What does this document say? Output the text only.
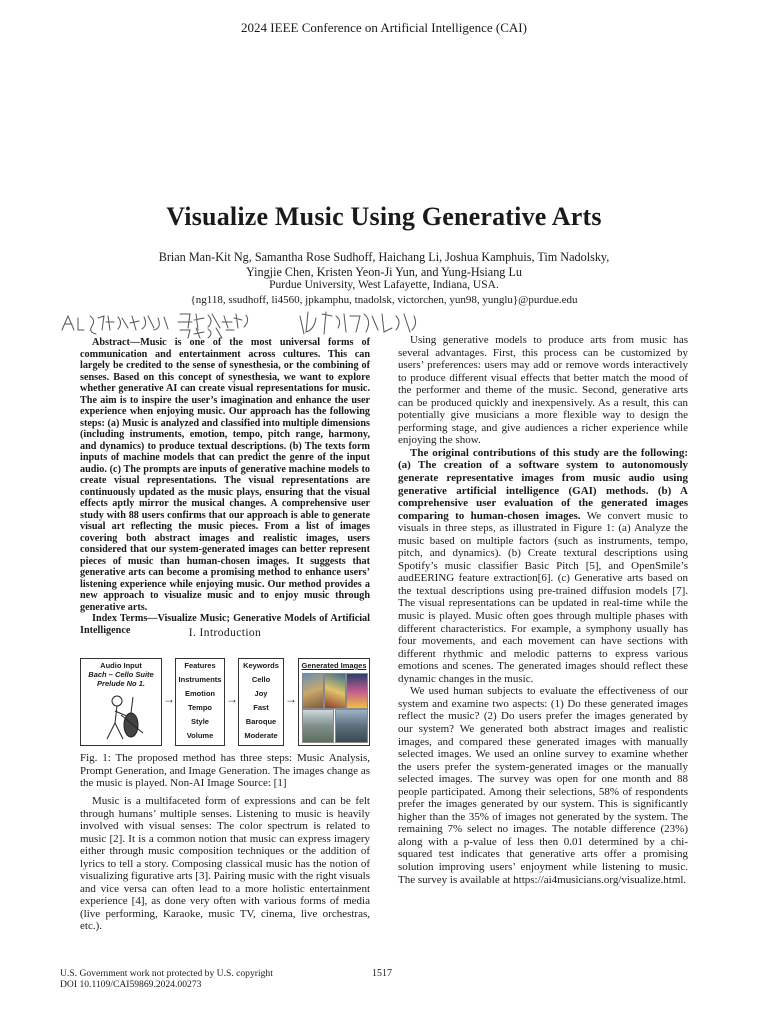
2024 IEEE Conference on Artificial Intelligence (CAI)
Visualize Music Using Generative Arts
Brian Man-Kit Ng, Samantha Rose Sudhoff, Haichang Li, Joshua Kamphuis, Tim Nadolsky,
Yingjie Chen, Kristen Yeon-Ji Yun, and Yung-Hsiang Lu
Purdue University, West Lafayette, Indiana, USA.
{ng118, ssudhoff, li4560, jpkamphu, tnadolsk, victorchen, yun98, yunglu}@purdue.edu

Abstract—Music is one of the most universal forms of communication and entertainment across cultures. This can largely be credited to the sense of synesthesia, or the combining of senses. Based on this concept of synesthesia, we want to explore whether generative AI can create visual representations for music. The aim is to inspire the user’s imagination and enhance the user experience when enjoying music. Our approach has the following steps: (a) Music is analyzed and classified into multiple dimensions (including instruments, emotion, tempo, pitch range, harmony, and dynamics) to produce textual descriptions. (b) The texts form inputs of machine models that can predict the genre of the input audio. (c) The prompts are inputs of generative machine models to create visual representations. The visual representations are continuously updated as the music plays, ensuring that the visual effects aptly mirror the musical changes. A comprehensive user study with 88 users confirms that our approach is able to generate visual art reflecting the music pieces. From a list of images covering both abstract images and realistic images, users considered that our system-generated images can better represent pieces of music than human-chosen images. It suggests that generative arts can become a promising method to enhance users’ listening experience while enjoying music. Our method provides a new approach to visualize music and to enjoy music through generative arts.

Index Terms—Visualize Music; Generative Models of Artificial Intelligence	I. Introduction
Audio Input
Bach – Cello Suite
Prelude No 1.
→
Features
Instruments
Emotion
Tempo
Style
Volume
→
Keywords
Cello
Joy
Fast
Baroque
Moderate
→
Generated Images
Fig. 1: The proposed method has three steps: Music Analysis, Prompt Generation, and Image Generation. The images change as the music is played. Non-AI Image Source: [1]

Music is a multifaceted form of expressions and can be felt through humans’ multiple senses. Listening to music is heavily involved with visual senses: The color spectrum is related to music [2]. It is a common notion that music can express imagery either through music composition techniques or the addition of lyrics to tell a story. Composing classical music has the notion of visualizing figurative arts [3]. Pairing music with the right visuals and vice versa can often lead to a more holistic entertainment experience [4], as done very often with various forms of media (live performing, Karaoke, music TV, cinema, live orchestras, etc.).

Using generative models to produce arts from music has several advantages. First, this process can be customized by users’ preferences: users may add or remove words interactively to produce different visual effects that better match the mood of the performer and theme of the music. Second, generative arts can be produced quickly and inexpensively. As a result, this can potentially give musicians a more flexible way to design the performing stage, and give audiences a richer experience while enjoying the show.

The original contributions of this study are the following: (a) The creation of a software system to autonomously generate representative images from music audio using generative artificial intelligence (GAI) methods. (b) A comprehensive user evaluation of the generated images comparing to human-chosen images. We convert music to visuals in three steps, as illustrated in Figure 1: (a) Analyze the music based on multiple factors (such as instruments, tempo, pitch, and dynamics). (b) Create textural descriptions using Spotify’s music classifier Basic Pitch [5], and OpenSmile’s audEERING feature extraction[6]. (c) Generative arts based on the textual descriptions using pre-trained diffusion models [7]. The visual representations can be updated in real-time while the music is played. Music often goes through multiple phases with different characteristics. For example, a symphony usually has four movements, and each movement can have sections with different rhythmic and melodic patterns to express various emotions and scenes. The generated images should reflect these dynamic changes in the music.

We used human subjects to evaluate the effectiveness of our system and examine two aspects: (1) Do these generated images reflect the music? (2) Do users prefer the images generated by our system? We generated both abstract images and realistic images, and compared these generated images with manually selected images. We used an online survey to examine whether the users prefer the system-generated images or the manually selected images. The survey was open for one month and 88 people participated. Among their selections, 58% of respondents prefer the images generated by our system. This is significantly higher than the 35% of images not generated by the system. The remaining 7% select no images. The notable difference (23%) along with a p-value of less then 0.01 determined by a chi-squared test indicates that generative arts offer a promising solution improving users’ enjoyment while listening to music. The survey is available at https://ai4musicians.org/visualize.html.

U.S. Government work not protected by U.S. copyright
DOI 10.1109/CAI59869.2024.00273
1517
